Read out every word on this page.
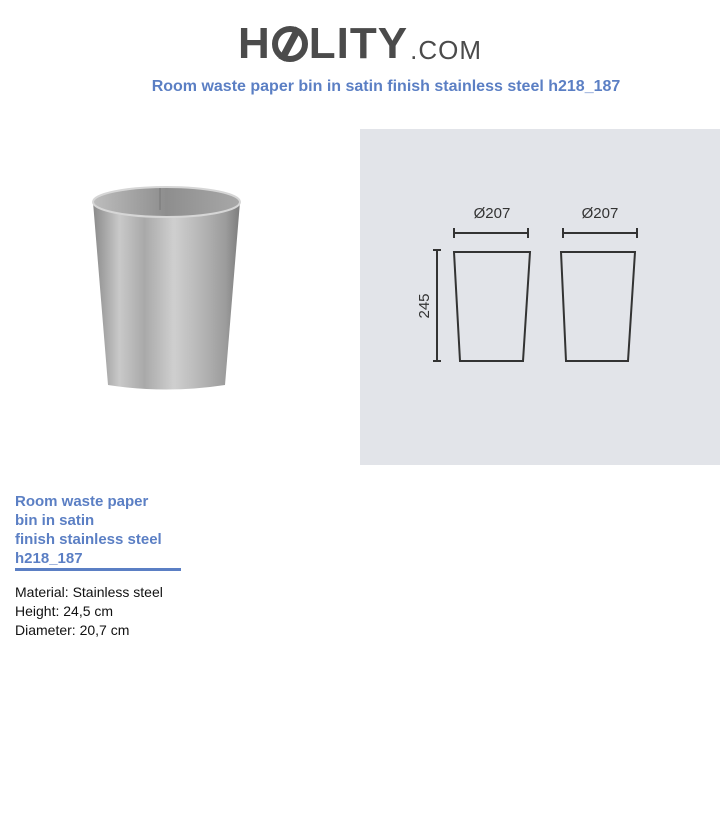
H LITY .COM
Room waste paper bin in satin finish stainless steel h218_187
Ø207	Ø207
245
Room waste paper
bin in satin
finish stainless steel
h218_187
Material: Stainless steel
Height: 24,5 cm
Diameter: 20,7 cm
